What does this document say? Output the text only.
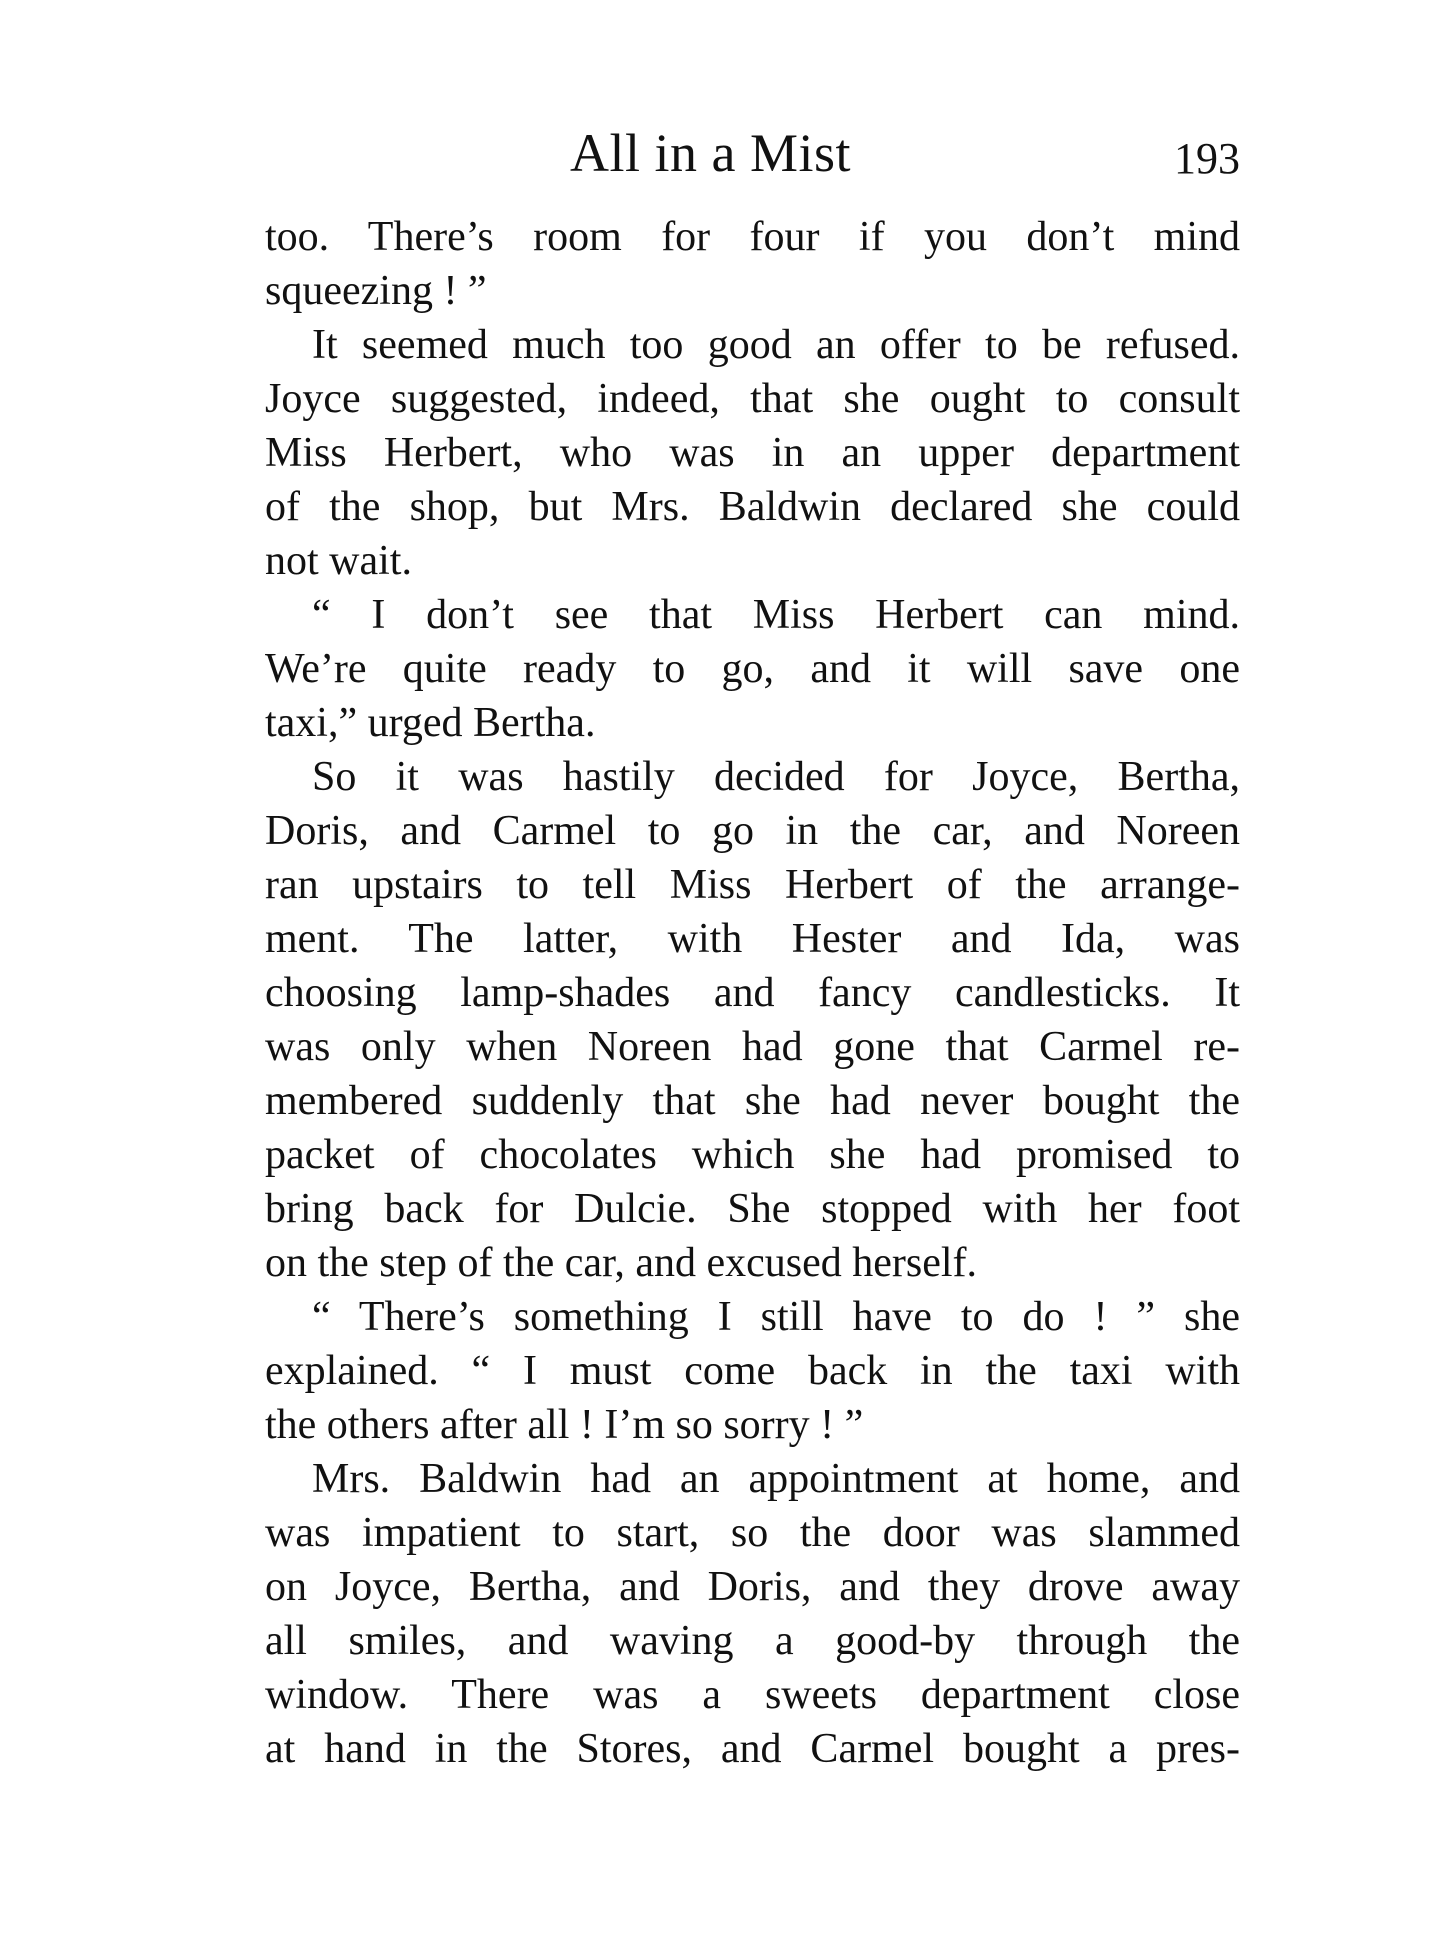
All in a Mist	193
too. There’s room for four if you don’t mind
squeezing ! ”
It seemed much too good an offer to be refused.
Joyce suggested, indeed, that she ought to consult
Miss Herbert, who was in an upper department
of the shop, but Mrs. Baldwin declared she could
not wait.
“ I don’t see that Miss Herbert can mind.
We’re quite ready to go, and it will save one
taxi,” urged Bertha.
So it was hastily decided for Joyce, Bertha,
Doris, and Carmel to go in the car, and Noreen
ran upstairs to tell Miss Herbert of the arrange-
ment. The latter, with Hester and Ida, was
choosing lamp-shades and fancy candlesticks. It
was only when Noreen had gone that Carmel re-
membered suddenly that she had never bought the
packet of chocolates which she had promised to
bring back for Dulcie. She stopped with her foot
on the step of the car, and excused herself.
“ There’s something I still have to do ! ” she
explained. “ I must come back in the taxi with
the others after all ! I’m so sorry ! ”
Mrs. Baldwin had an appointment at home, and
was impatient to start, so the door was slammed
on Joyce, Bertha, and Doris, and they drove away
all smiles, and waving a good-by through the
window. There was a sweets department close
at hand in the Stores, and Carmel bought a pres-
